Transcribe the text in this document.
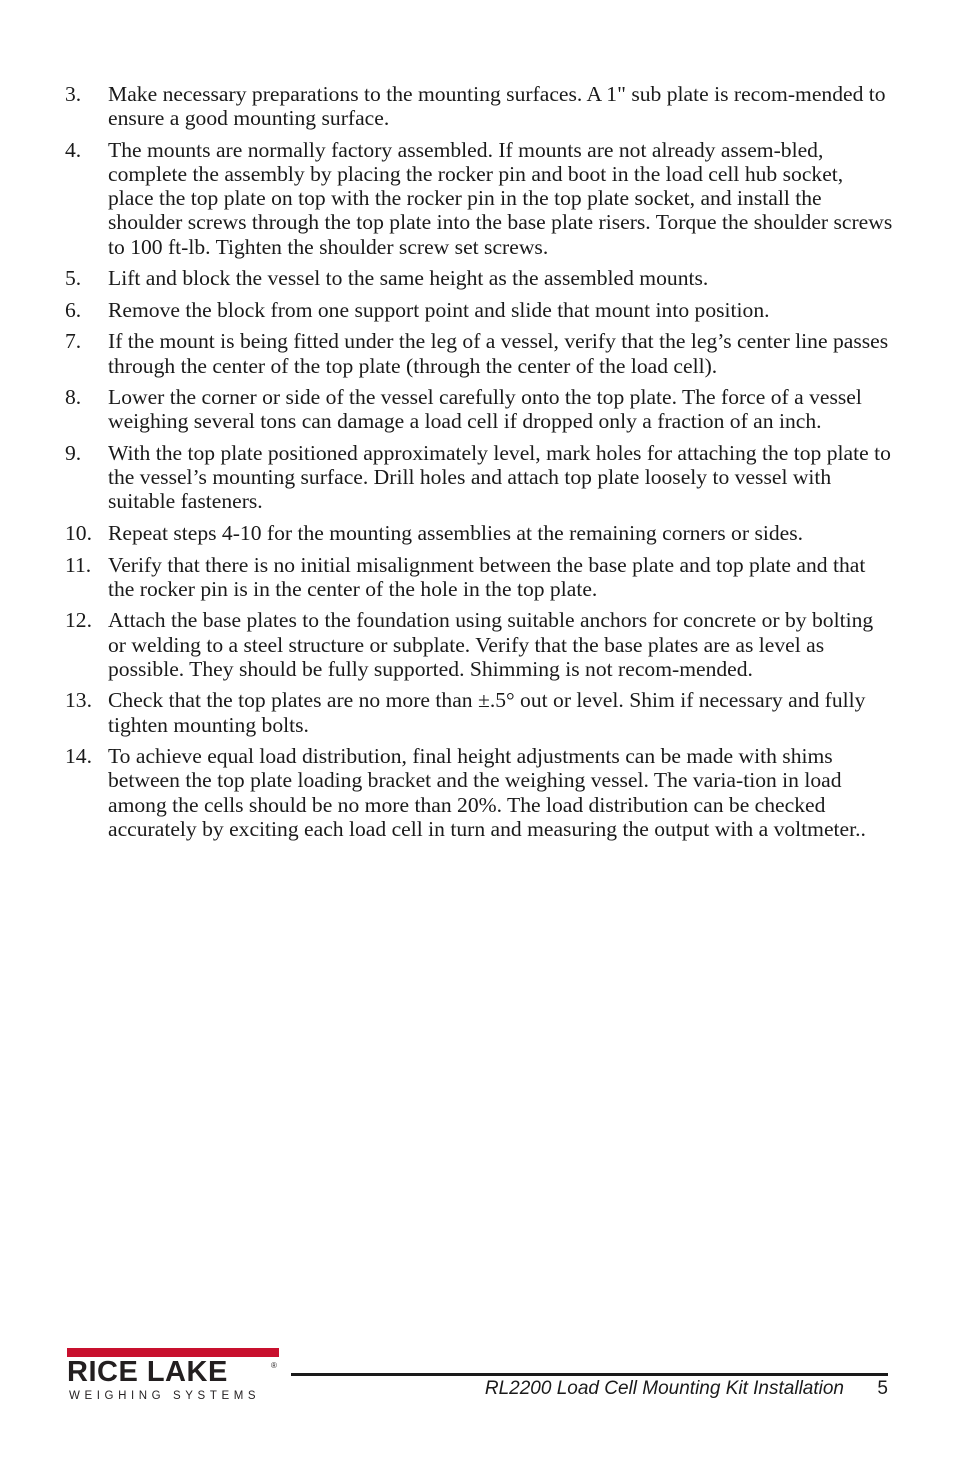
3. Make necessary preparations to the mounting surfaces. A 1" sub plate is recom-mended to ensure a good mounting surface.
4. The mounts are normally factory assembled. If mounts are not already assem-bled, complete the assembly by placing the rocker pin and boot in the load cell hub socket, place the top plate on top with the rocker pin in the top plate socket, and install the shoulder screws through the top plate into the base plate risers. Torque the shoulder screws to 100 ft-lb. Tighten the shoulder screw set screws.
5. Lift and block the vessel to the same height as the assembled mounts.
6. Remove the block from one support point and slide that mount into position.
7. If the mount is being fitted under the leg of a vessel, verify that the leg’s center line passes through the center of the top plate (through the center of the load cell).
8. Lower the corner or side of the vessel carefully onto the top plate. The force of a vessel weighing several tons can damage a load cell if dropped only a fraction of an inch.
9. With the top plate positioned approximately level, mark holes for attaching the top plate to the vessel’s mounting surface. Drill holes and attach top plate loosely to vessel with suitable fasteners.
10. Repeat steps 4-10 for the mounting assemblies at the remaining corners or sides.
11. Verify that there is no initial misalignment between the base plate and top plate and that the rocker pin is in the center of the hole in the top plate.
12. Attach the base plates to the foundation using suitable anchors for concrete or by bolting or welding to a steel structure or subplate. Verify that the base plates are as level as possible. They should be fully supported. Shimming is not recom-mended.
13. Check that the top plates are no more than ±.5° out or level. Shim if necessary and fully tighten mounting bolts.
14. To achieve equal load distribution, final height adjustments can be made with shims between the top plate loading bracket and the weighing vessel. The varia-tion in load among the cells should be no more than 20%. The load distribution can be checked accurately by exciting each load cell in turn and measuring the output with a voltmeter..
RICE LAKE	®
WEIGHING SYSTEMS	RL2200 Load Cell Mounting Kit Installation 5
